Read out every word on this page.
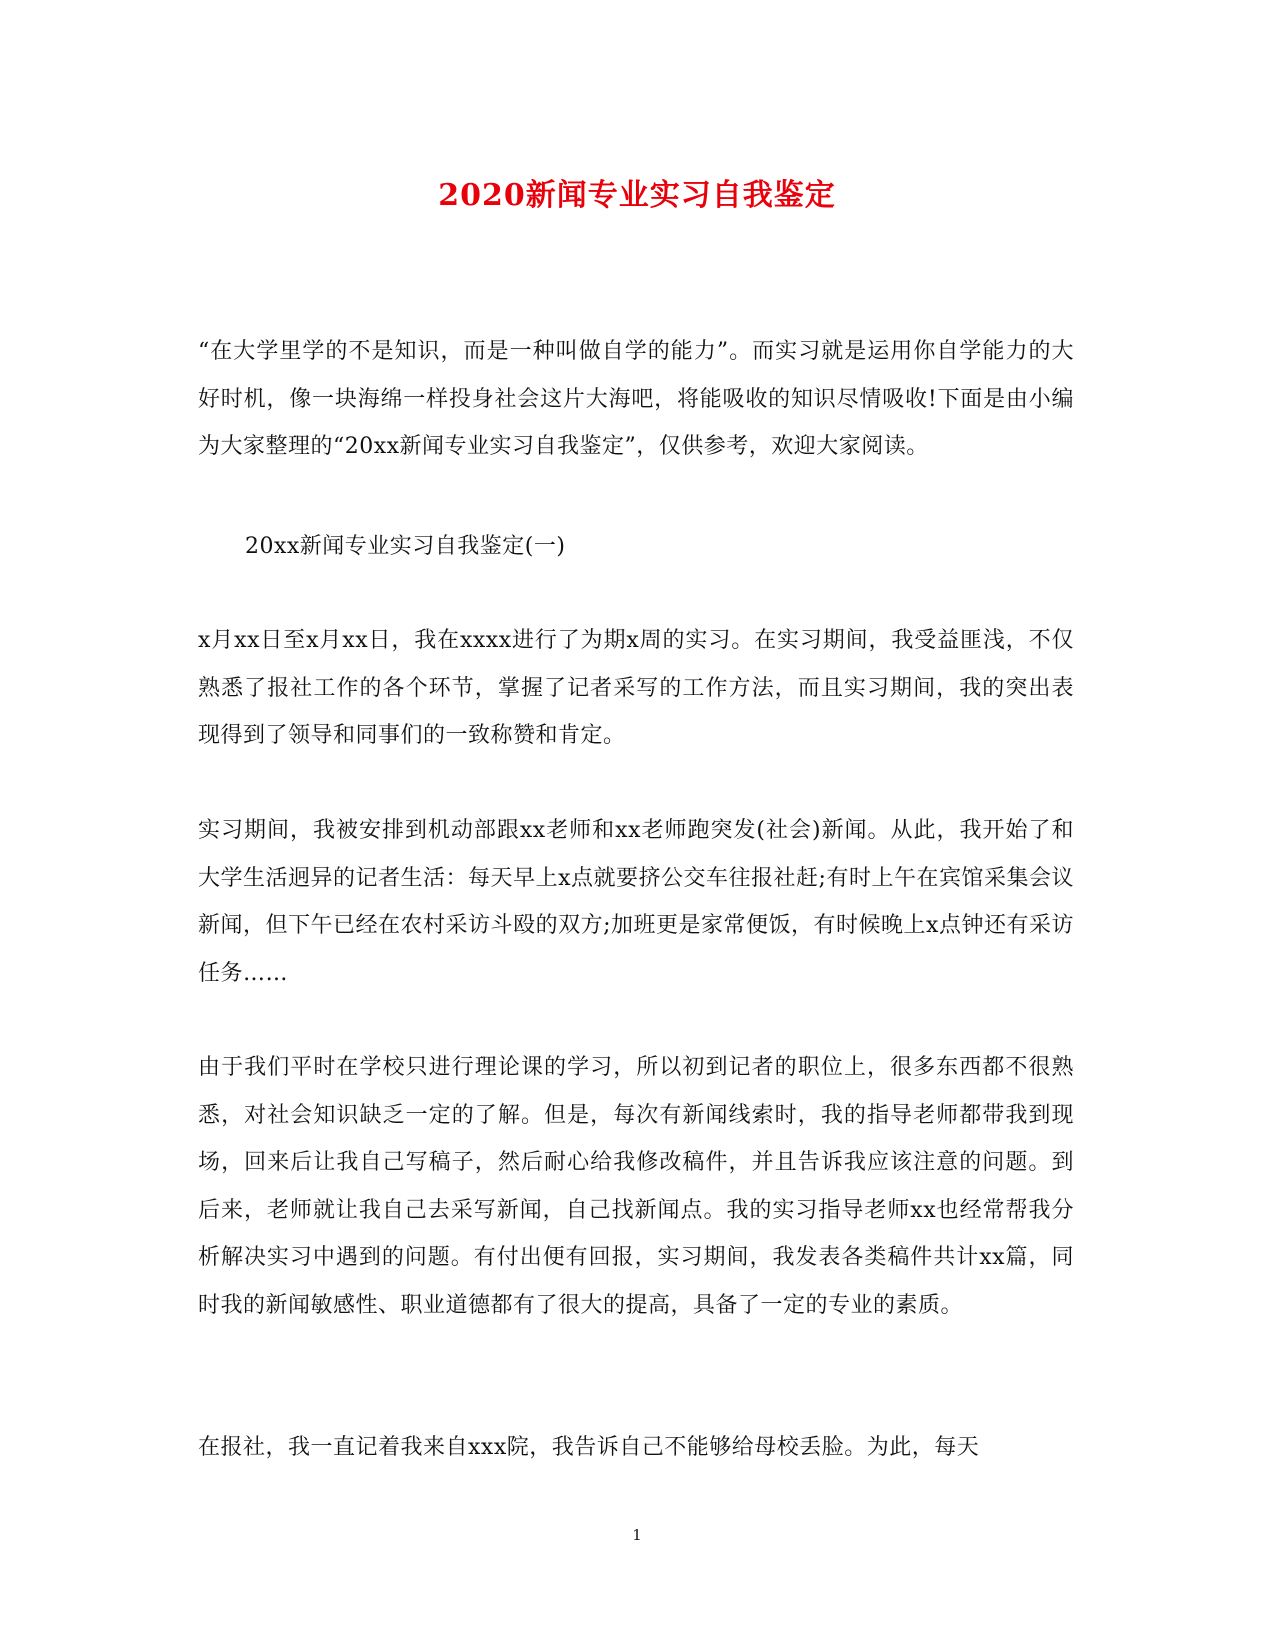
2020新闻专业实习自我鉴定

“在大学里学的不是知识，而是一种叫做自学的能力”。而实习就是运用你自学能力的大好时机，像一块海绵一样投身社会这片大海吧，将能吸收的知识尽情吸收!下面是由小编为大家整理的“20xx新闻专业实习自我鉴定”，仅供参考，欢迎大家阅读。

20xx新闻专业实习自我鉴定(一)

x月xx日至x月xx日，我在xxxx进行了为期x周的实习。在实习期间，我受益匪浅，不仅熟悉了报社工作的各个环节，掌握了记者采写的工作方法，而且实习期间，我的突出表现得到了领导和同事们的一致称赞和肯定。

实习期间，我被安排到机动部跟xx老师和xx老师跑突发(社会)新闻。从此，我开始了和大学生活迥异的记者生活：每天早上x点就要挤公交车往报社赶;有时上午在宾馆采集会议新闻，但下午已经在农村采访斗殴的双方;加班更是家常便饭，有时候晚上x点钟还有采访任务……

由于我们平时在学校只进行理论课的学习，所以初到记者的职位上，很多东西都不很熟悉，对社会知识缺乏一定的了解。但是，每次有新闻线索时，我的指导老师都带我到现场，回来后让我自己写稿子，然后耐心给我修改稿件，并且告诉我应该注意的问题。到后来，老师就让我自己去采写新闻，自己找新闻点。我的实习指导老师xx也经常帮我分析解决实习中遇到的问题。有付出便有回报，实习期间，我发表各类稿件共计xx篇，同时我的新闻敏感性、职业道德都有了很大的提高，具备了一定的专业的素质。

在报社，我一直记着我来自xxx院，我告诉自己不能够给母校丢脸。为此，每天

1
